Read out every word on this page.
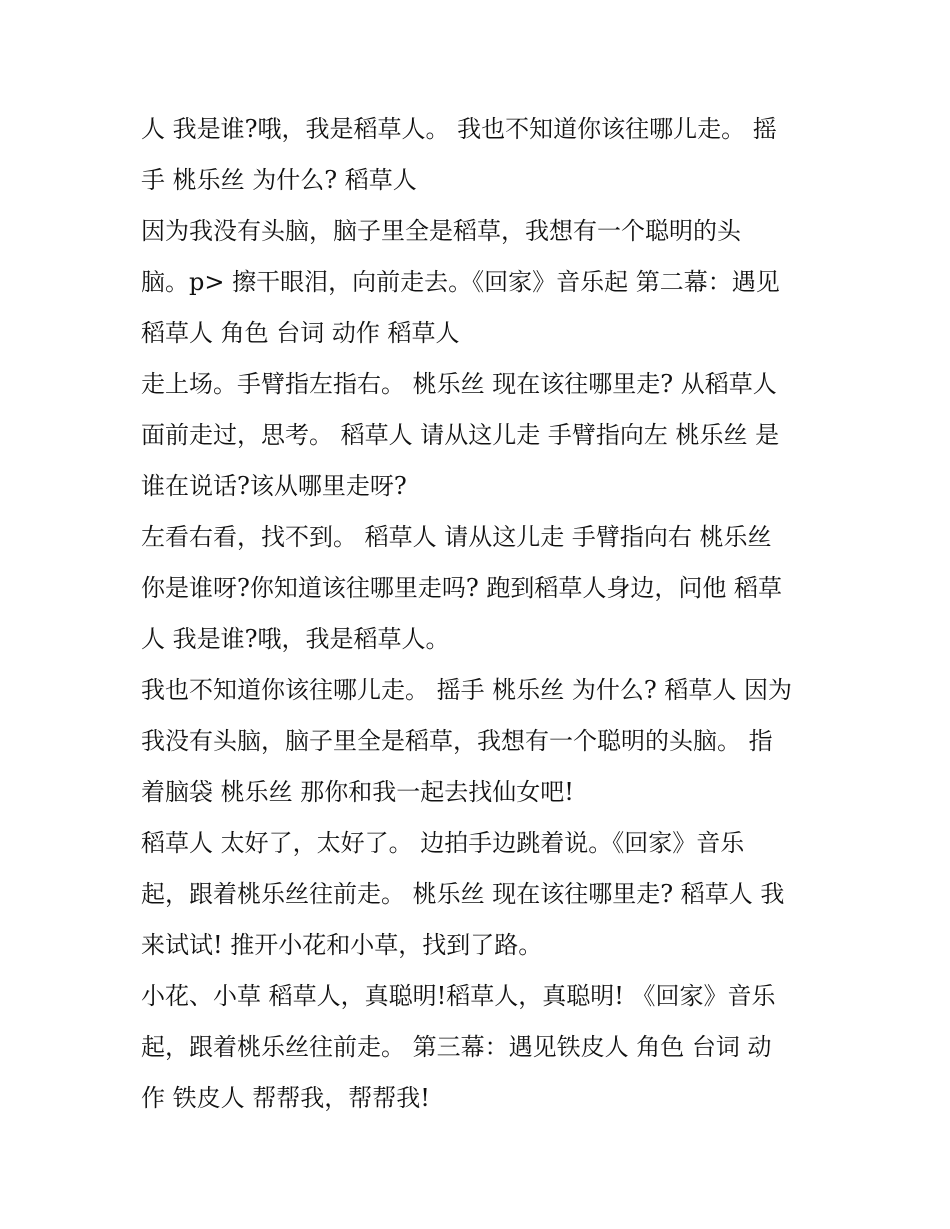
人 我是谁?哦，我是稻草人。 我也不知道你该往哪儿走。 摇
手 桃乐丝 为什么? 稻草人
因为我没有头脑，脑子里全是稻草，我想有一个聪明的头
脑。p> 擦干眼泪，向前走去。《回家》音乐起 第二幕：遇见
稻草人 角色 台词 动作 稻草人
走上场。手臂指左指右。 桃乐丝 现在该往哪里走? 从稻草人
面前走过，思考。 稻草人 请从这儿走 手臂指向左 桃乐丝 是
谁在说话?该从哪里走呀?
左看右看，找不到。 稻草人 请从这儿走 手臂指向右 桃乐丝
你是谁呀?你知道该往哪里走吗? 跑到稻草人身边，问他 稻草
人 我是谁?哦，我是稻草人。
我也不知道你该往哪儿走。 摇手 桃乐丝 为什么? 稻草人 因为
我没有头脑，脑子里全是稻草，我想有一个聪明的头脑。 指
着脑袋 桃乐丝 那你和我一起去找仙女吧!
稻草人 太好了，太好了。 边拍手边跳着说。《回家》音乐
起，跟着桃乐丝往前走。 桃乐丝 现在该往哪里走? 稻草人 我
来试试! 推开小花和小草，找到了路。
小花、小草 稻草人，真聪明!稻草人，真聪明! 《回家》音乐
起，跟着桃乐丝往前走。 第三幕：遇见铁皮人 角色 台词 动
作 铁皮人 帮帮我，帮帮我!
